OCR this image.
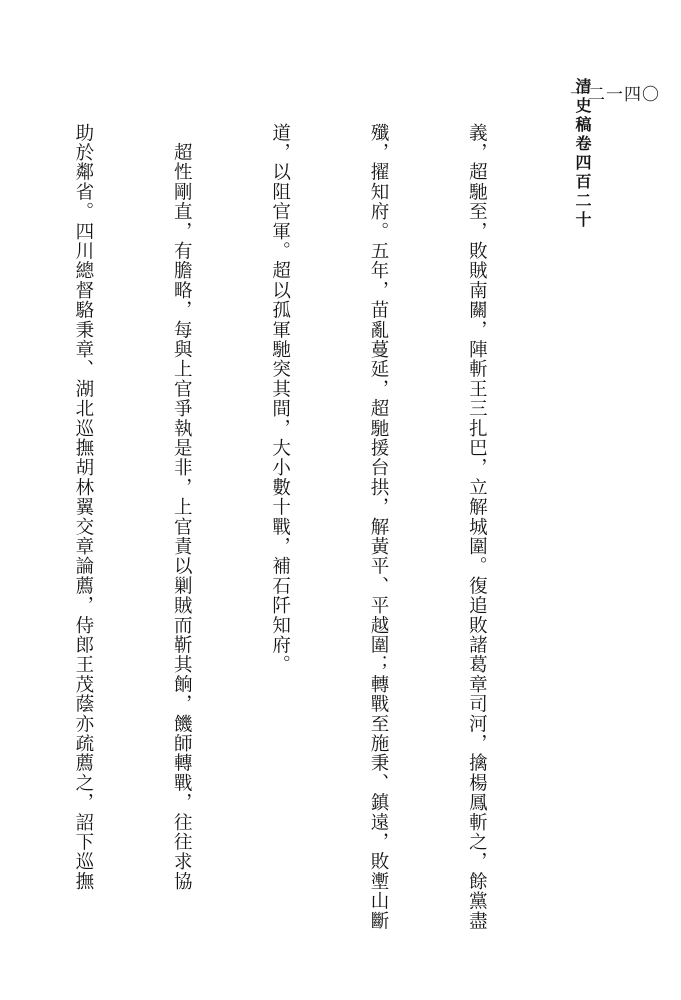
清史稿卷四百二十
一二一四〇

義，超馳至，敗賊南關，陣斬王三扎巴，立解城圍。復追敗諸葛章司河，擒楊鳳斬之，餘黨盡

殲，擢知府。五年，苗亂蔓延，超馳援台拱，解黃平、平越圍；轉戰至施秉、鎮遠，敗壍山斷

道，以阻官軍。超以孤軍馳突其間，大小數十戰，補石阡知府。

　超性剛直，有膽略，每與上官爭執是非，上官責以剿賊而靳其餉，饑師轉戰，往往求協

助於鄰省。四川總督駱秉章、湖北巡撫胡林翼交章論薦，侍郎王茂蔭亦疏薦之，詔下巡撫
